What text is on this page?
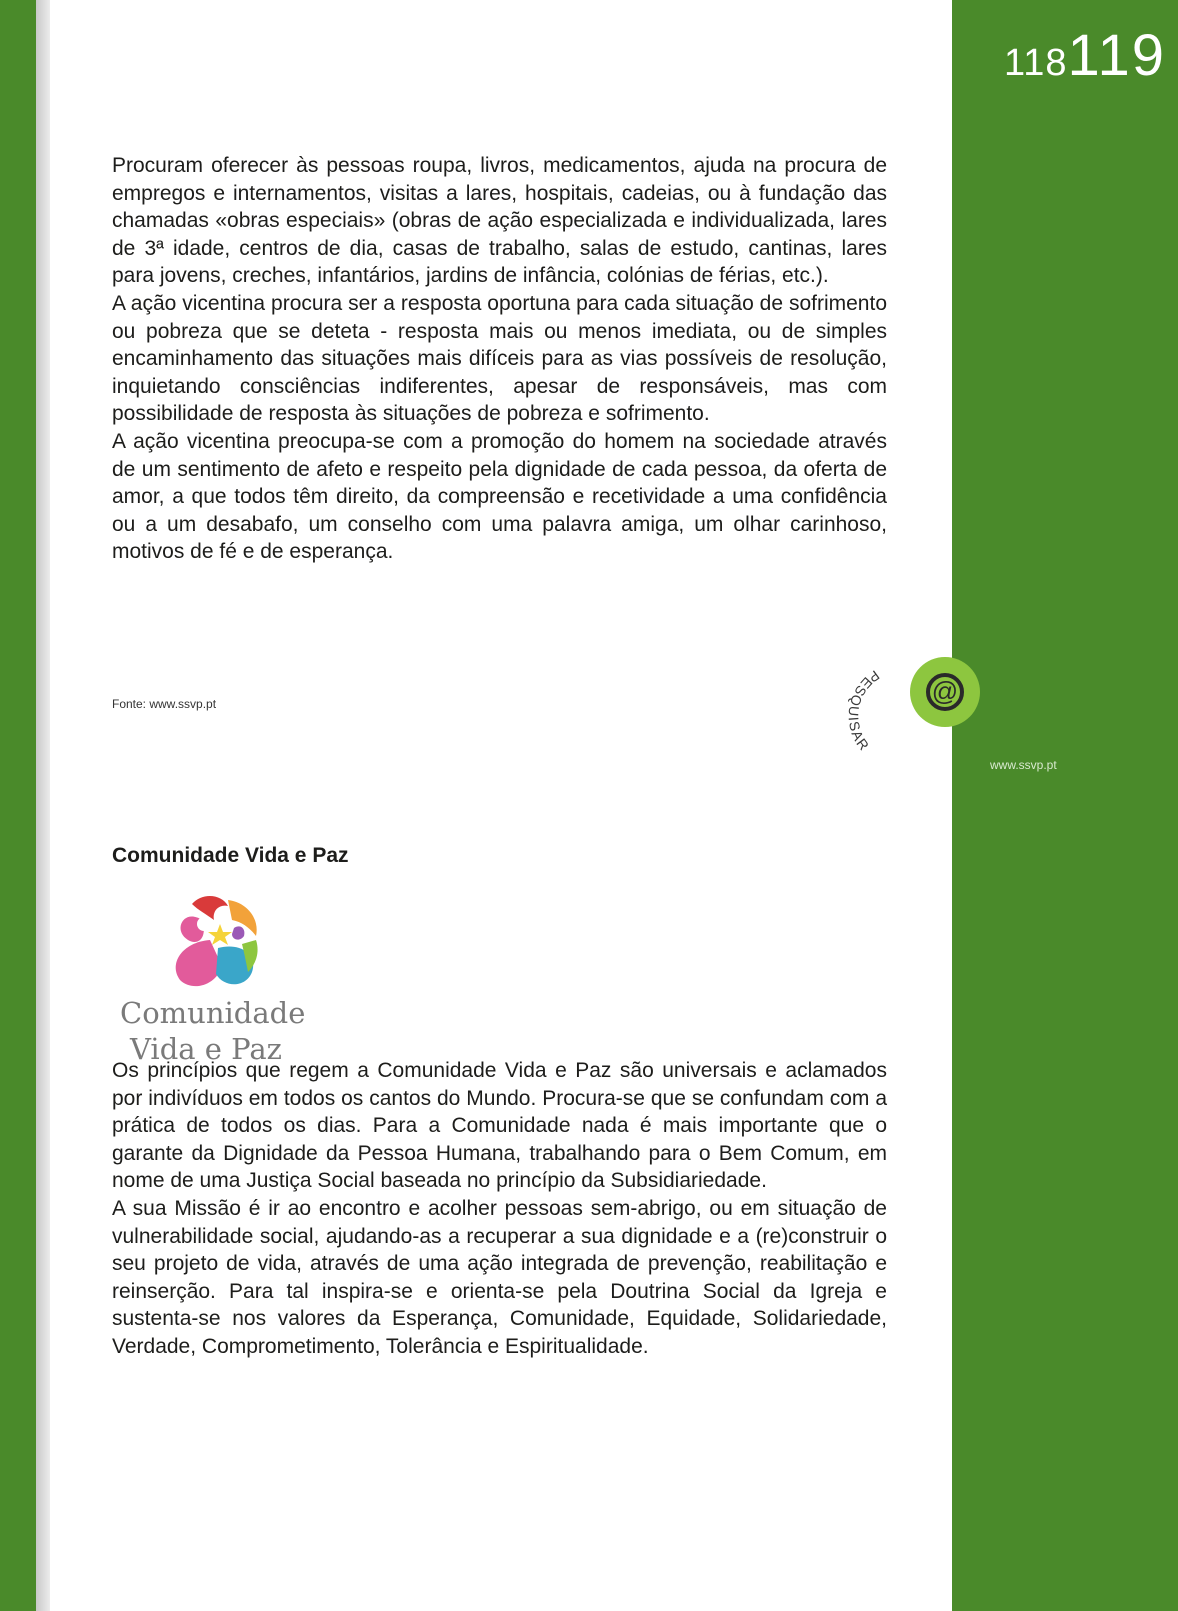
118119
www.ssvp.pt

Procuram oferecer às pessoas roupa, livros, medicamentos, ajuda na procura de empregos e internamentos, visitas a lares, hospitais, cadeias, ou à fundação das chamadas «obras especiais» (obras de ação especializada e individualizada, lares de 3ª idade, centros de dia, casas de trabalho, salas de estudo, cantinas, lares para jovens, creches, infantários, jardins de infância, colónias de férias, etc.).

A ação vicentina procura ser a resposta oportuna para cada situação de sofrimento ou pobreza que se deteta - resposta mais ou menos imediata, ou de simples encaminhamento das situações mais difíceis para as vias possíveis de resolução, inquietando consciências indiferentes, apesar de responsáveis, mas com possibilidade de resposta às situações de pobreza e sofrimento.

A ação vicentina preocupa-se com a promoção do homem na sociedade através de um sentimento de afeto e respeito pela dignidade de cada pessoa, da oferta de amor, a que todos têm direito, da compreensão e recetividade a uma confidência ou a um desabafo, um conselho com uma palavra amiga, um olhar carinhoso, motivos de fé e de esperança.

Fonte: www.ssvp.pt	@
PESQUISAR
Comunidade Vida e Paz
Comunidade
Vida e Paz

Os princípios que regem a Comunidade Vida e Paz são universais e aclamados por indivíduos em todos os cantos do Mundo. Procura-se que se confundam com a prática de todos os dias. Para a Comunidade nada é mais importante que o garante da Dignidade da Pessoa Humana, trabalhando para o Bem Comum, em nome de uma Justiça Social baseada no princípio da Subsidiariedade.

A sua Missão é ir ao encontro e acolher pessoas sem-abrigo, ou em situação de vulnerabilidade social, ajudando-as a recuperar a sua dignidade e a (re)construir o seu projeto de vida, através de uma ação integrada de prevenção, reabilitação e reinserção. Para tal inspira-se e orienta-se pela Doutrina Social da Igreja e sustenta-se nos valores da Esperança, Comunidade, Equidade, Solidariedade, Verdade, Comprometimento, Tolerância e Espiritualidade.
